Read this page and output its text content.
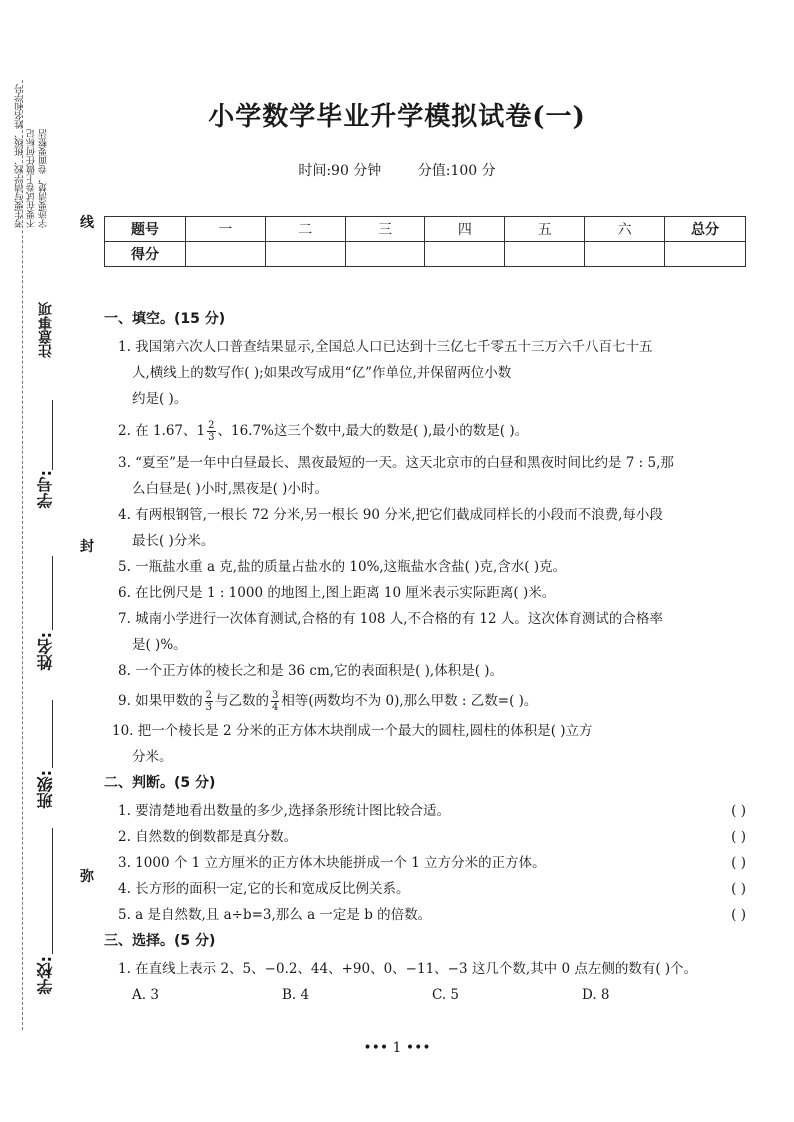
考生要写清学校、班级、姓名和学号 不要在试卷上做任何标记 字迹要清楚，卷面要整洁
注意事项
学号:
姓名:
班级:
学校:
线
封
弥
小学数学毕业升学模拟试卷(一)
时间:90 分钟	分值:100 分
题号	一	二	三	四	五	六	总分
得分							
一、填空。(15 分)
1. 我国第六次人口普查结果显示,全国总人口已达到十三亿七千零五十三万六千八百七十五
人,横线上的数写作( );如果改写成用“亿”作单位,并保留两位小数
约是( )。
2. 在 1.67、$1 \frac{2}{3}$ 、16.7%这三个数中,最大的数是( ),最小的数是( )。
3. “夏至”是一年中白昼最长、黑夜最短的一天。这天北京市的白昼和黑夜时间比约是 7 : 5,那
么白昼是( )小时,黑夜是( )小时。
4. 有两根钢管,一根长 72 分米,另一根长 90 分米,把它们截成同样长的小段而不浪费,每小段
最长( )分米。
5. 一瓶盐水重 a 克,盐的质量占盐水的 10%,这瓶盐水含盐( )克,含水( )克。
6. 在比例尺是 1 : 1000 的地图上,图上距离 10 厘米表示实际距离( )米。
7. 城南小学进行一次体育测试,合格的有 108 人,不合格的有 12 人。这次体育测试的合格率
是( )%。
8. 一个正方体的棱长之和是 36 cm,它的表面积是( ),体积是( )。
9. 如果甲数的 $\frac{2}{3}$ 与乙数的 $\frac{3}{4}$ 相等(两数均不为 0),那么甲数 : 乙数=( )。
10. 把一个棱长是 2 分米的正方体木块削成一个最大的圆柱,圆柱的体积是( )立方
分米。
二、判断。(5 分)
1. 要清楚地看出数量的多少,选择条形统计图比较合适。	( )
2. 自然数的倒数都是真分数。	( )
3. 1000 个 1 立方厘米的正方体木块能拼成一个 1 立方分米的正方体。	( )
4. 长方形的面积一定,它的长和宽成反比例关系。	( )
5. a 是自然数,且 a÷b=3,那么 a 一定是 b 的倍数。	( )
三、选择。(5 分)
1. 在直线上表示 2、5、−0.2、44、+90、0、−11、−3 这几个数,其中 0 点左侧的数有( )个。
A. 3	B. 4	C. 5	D. 8
••• 1 •••
